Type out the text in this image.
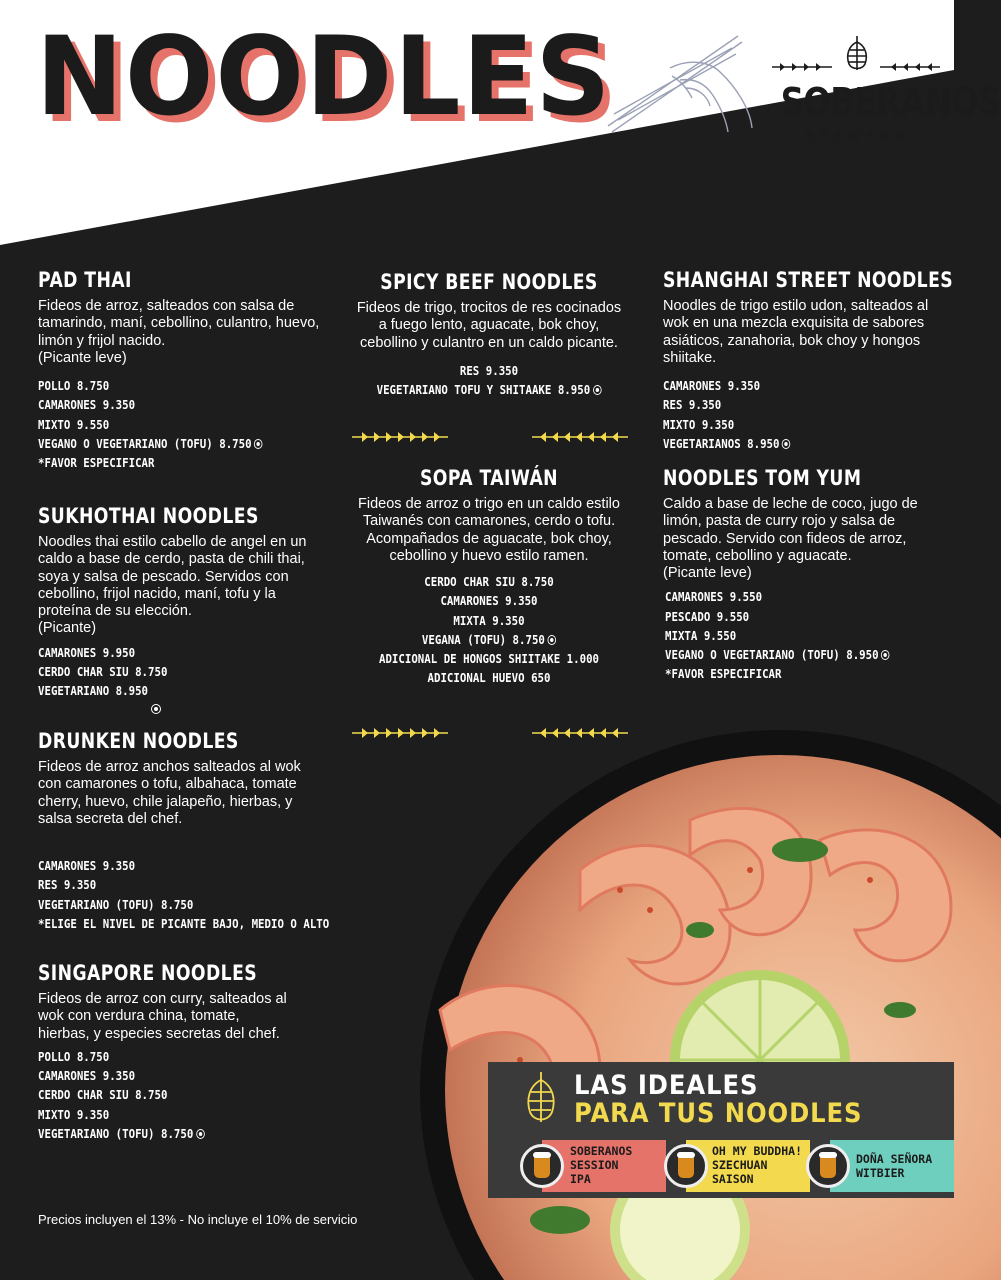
NOODLES	SOBERANOS
BREWERS
PAD THAI

Fideos de arroz, salteados con salsa de tamarindo, maní, cebollino, culantro, huevo, limón y frijol nacido.

(Picante leve)

POLLO 8.750
CAMARONES 9.350
MIXTO 9.550
VEGANO O VEGETARIANO (TOFU) 8.750
*FAVOR ESPECIFICAR
SUKHOTHAI NOODLES

Noodles thai estilo cabello de angel en un caldo a base de cerdo, pasta de chili thai, soya y salsa de pescado. Servidos con cebollino, frijol nacido, maní, tofu y la proteína de su elección.

(Picante)

CAMARONES 9.950
CERDO CHAR SIU 8.750
VEGETARIANO 8.950
DRUNKEN NOODLES

Fideos de arroz anchos salteados al wok con camarones o tofu, albahaca, tomate cherry, huevo, chile jalapeño, hierbas, y salsa secreta del chef.

CAMARONES 9.350
RES 9.350
VEGETARIANO (TOFU) 8.750
*ELIGE EL NIVEL DE PICANTE BAJO, MEDIO O ALTO
SINGAPORE NOODLES

Fideos de arroz con curry, salteados al wok con verdura china, tomate, hierbas, y especies secretas del chef.

POLLO 8.750
CAMARONES 9.350
CERDO CHAR SIU 8.750
MIXTO 9.350
VEGETARIANO (TOFU) 8.750
SPICY BEEF NOODLES

Fideos de trigo, trocitos de res cocinados a fuego lento, aguacate, bok choy, cebollino y culantro en un caldo picante.

RES 9.350
VEGETARIANO TOFU Y SHITAAKE 8.950
SOPA TAIWÁN

Fideos de arroz o trigo en un caldo estilo Taiwanés con camarones, cerdo o tofu. Acompañados de aguacate, bok choy, cebollino y huevo estilo ramen.

CERDO CHAR SIU 8.750
CAMARONES 9.350
MIXTA 9.350
VEGANA (TOFU) 8.750
ADICIONAL DE HONGOS SHIITAKE 1.000
ADICIONAL HUEVO 650
SHANGHAI STREET NOODLES

Noodles de trigo estilo udon, salteados al wok en una mezcla exquisita de sabores asiáticos, zanahoria, bok choy y hongos shiitake.

CAMARONES 9.350
RES 9.350
MIXTO 9.350
VEGETARIANOS 8.950
NOODLES TOM YUM

Caldo a base de leche de coco, jugo de limón, pasta de curry rojo y salsa de pescado. Servido con fideos de arroz, tomate, cebollino y aguacate.

(Picante leve)

CAMARONES 9.550
PESCADO 9.550
MIXTA 9.550
VEGANO O VEGETARIANO (TOFU) 8.950
*FAVOR ESPECIFICAR
LAS IDEALES
PARA TUS NOODLES
SOBERANOS
SESSION
IPA
OH MY BUDDHA!
SZECHUAN
SAISON
DOÑA SEÑORA
WITBIER
Precios incluyen el 13% - No incluye el 10% de servicio
